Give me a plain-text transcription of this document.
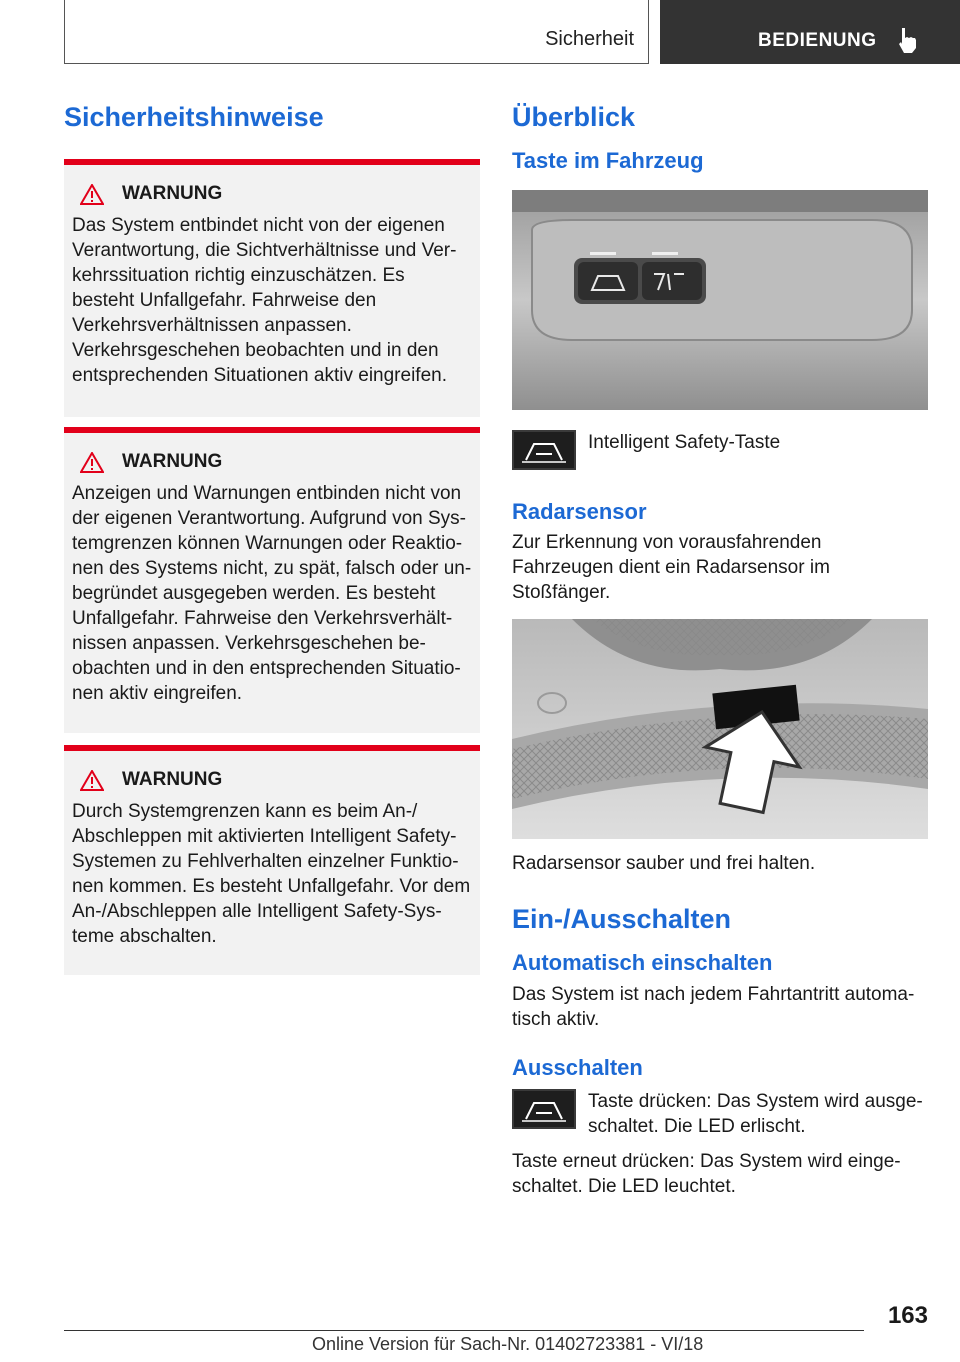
Sicherheit	BEDIENUNG
Sicherheitshinweise
WARNUNG
Das System entbindet nicht von der eigenen Verantwortung, die Sichtverhältnisse und Verkehrssituation richtig einzuschätzen. Es besteht Unfallgefahr. Fahrweise den Verkehrsverhältnissen anpassen. Verkehrsgeschehen beobachten und in den entsprechenden Situationen aktiv eingreifen.
WARNUNG
Anzeigen und Warnungen entbinden nicht von der eigenen Verantwortung. Aufgrund von Systemgrenzen können Warnungen oder Reaktionen des Systems nicht, zu spät, falsch oder unbegründet ausgegeben werden. Es besteht Unfallgefahr. Fahrweise den Verkehrsverhältnissen anpassen. Verkehrsgeschehen beobachten und in den entsprechenden Situationen aktiv eingreifen.
WARNUNG
Durch Systemgrenzen kann es beim An-/ Abschleppen mit aktivierten Intelligent Safety-Systemen zu Fehlverhalten einzelner Funktionen kommen. Es besteht Unfallgefahr. Vor dem An-/Abschleppen alle Intelligent Safety-Systeme abschalten.
Überblick
Taste im Fahrzeug

Intelligent Safety-Taste

Radarsensor

Zur Erkennung von vorausfahrenden Fahrzeugen dient ein Radarsensor im Stoßfänger.

Radarsensor sauber und frei halten.

Ein-/Ausschalten
Automatisch einschalten

Das System ist nach jedem Fahrtantritt automatisch aktiv.

Ausschalten

Taste drücken: Das System wird ausgeschaltet. Die LED erlischt.

Taste erneut drücken: Das System wird eingeschaltet. Die LED leuchtet.

163
Online Version für Sach-Nr. 01402723381 - VI/18
